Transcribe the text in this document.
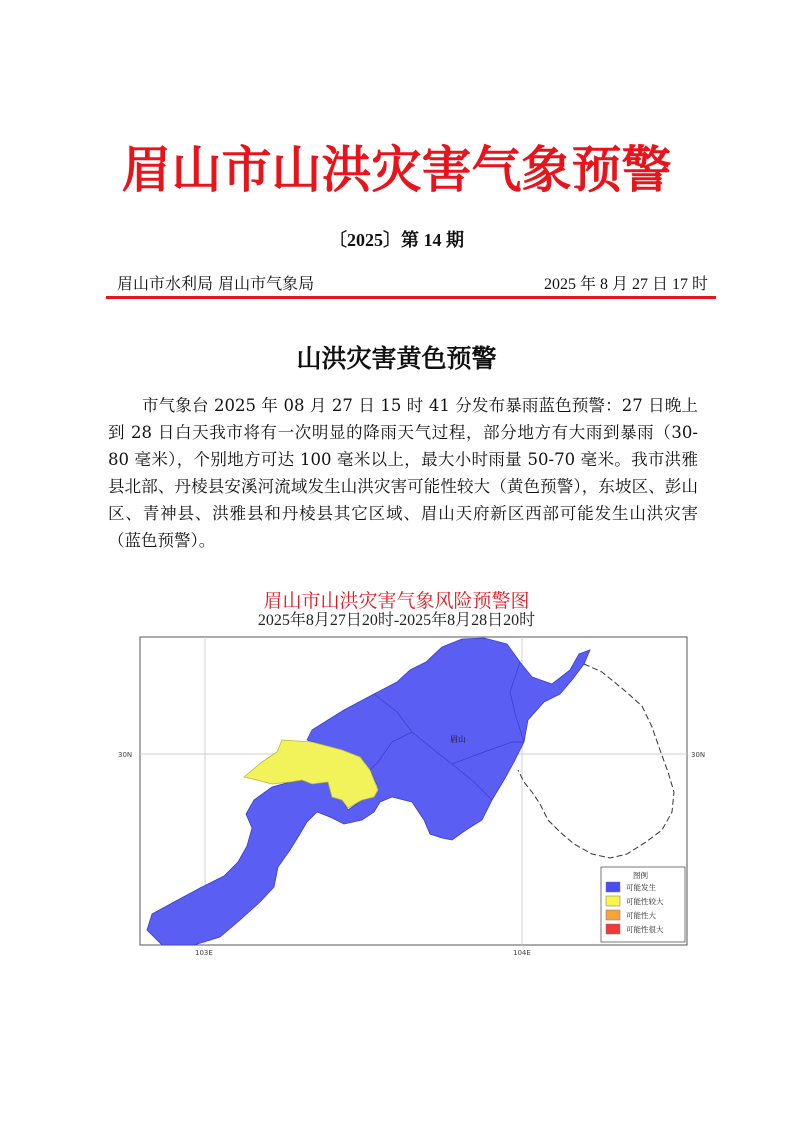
眉山市山洪灾害气象预警
〔2025〕第 14 期
眉山市水利局 眉山市气象局	2025 年 8 月 27 日 17 时
山洪灾害黄色预警
市气象台 2025 年 08 月 27 日 15 时 41 分发布暴雨蓝色预警：27 日晚上到 28 日白天我市将有一次明显的降雨天气过程，部分地方有大雨到暴雨（30-80 毫米），个别地方可达 100 毫米以上，最大小时雨量 50-70 毫米。我市洪雅县北部、丹棱县安溪河流域发生山洪灾害可能性较大（黄色预警），东坡区、彭山区、青神县、洪雅县和丹棱县其它区域、眉山天府新区西部可能发生山洪灾害（蓝色预警）。
眉山市山洪灾害气象风险预警图
2025年8月27日20时-2025年8月28日20时
眉山
30N	30N
103E	104E
图例
可能发生
可能性较大
可能性大
可能性很大
